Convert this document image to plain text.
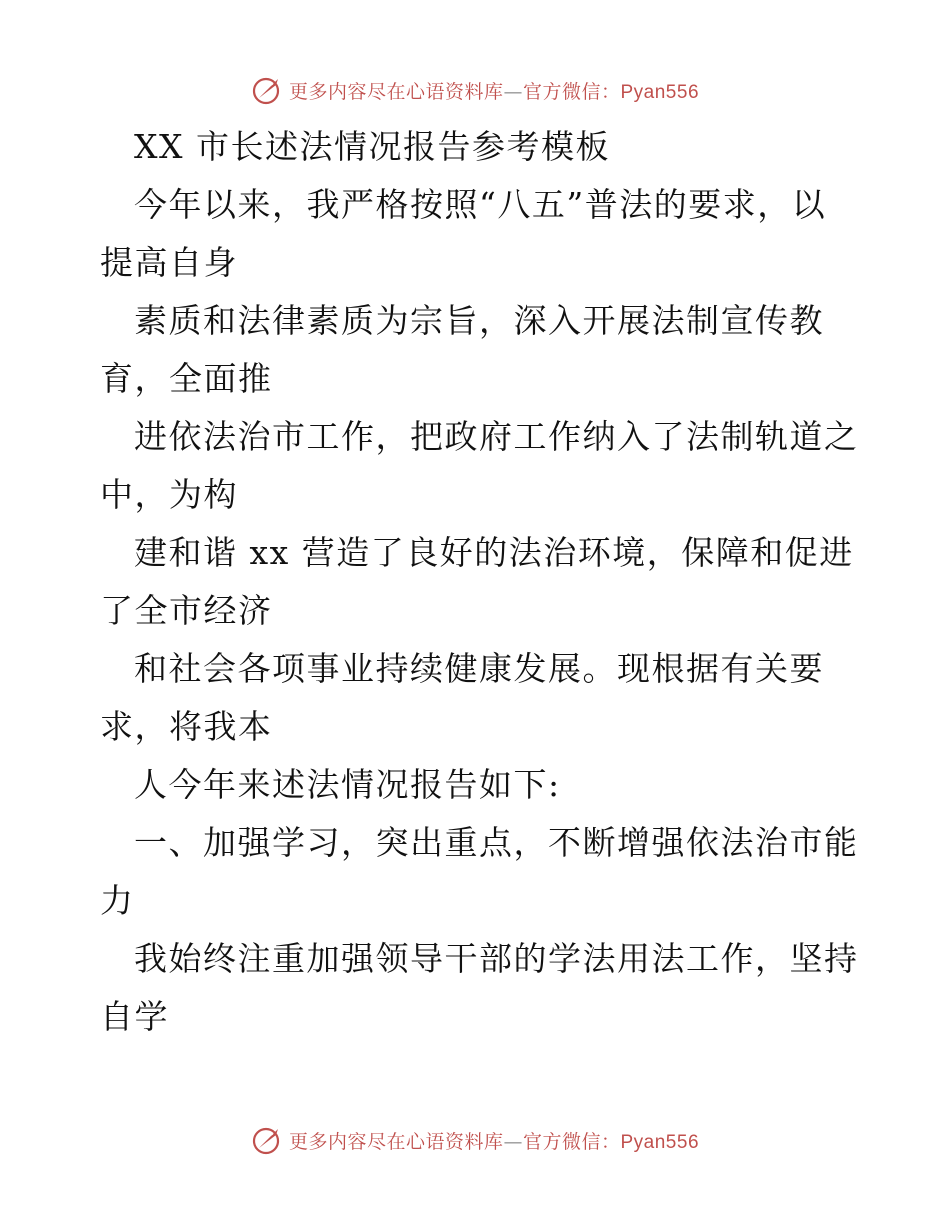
更多内容尽在心语资料库—官方微信：Pyan556
XX 市长述法情况报告参考模板
今年以来，我严格按照“八五”普法的要求，以
提高自身
素质和法律素质为宗旨，深入开展法制宣传教
育，全面推
进依法治市工作，把政府工作纳入了法制轨道之
中，为构
建和谐 xx 营造了良好的法治环境，保障和促进
了全市经济
和社会各项事业持续健康发展。现根据有关要
求，将我本
人今年来述法情况报告如下:
一、加强学习，突出重点，不断增强依法治市能
力
我始终注重加强领导干部的学法用法工作，坚持
自学
更多内容尽在心语资料库—官方微信：Pyan556
